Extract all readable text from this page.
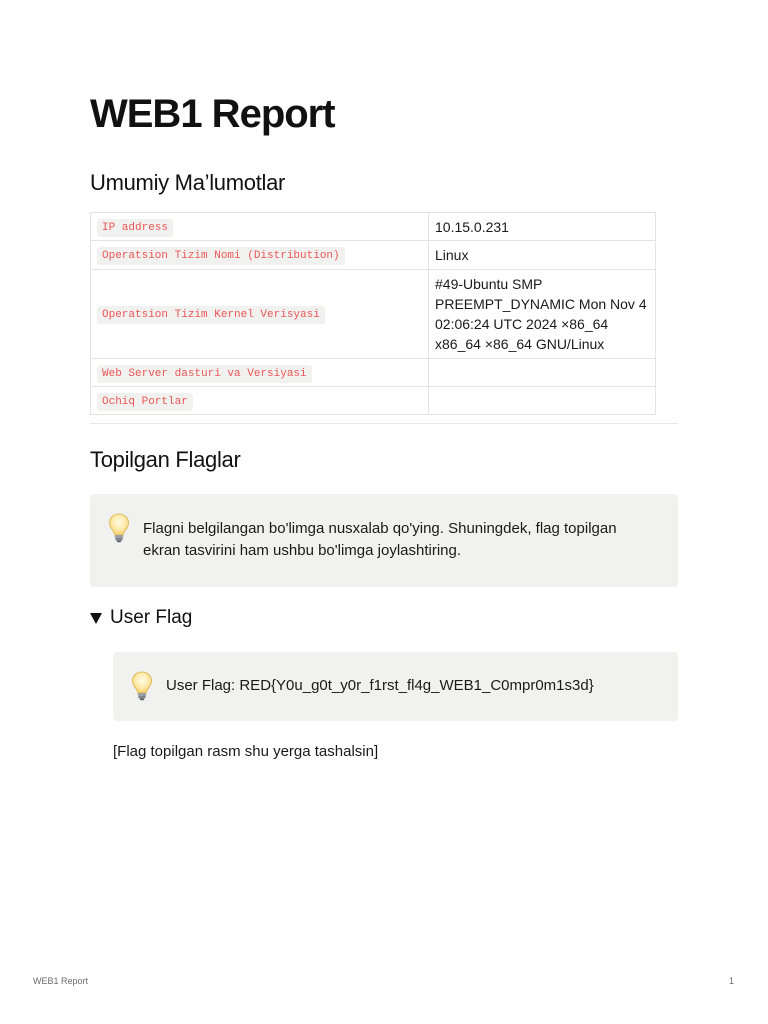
WEB1 Report
Umumiy Ma’lumotlar
IP address	10.15.0.231
Operatsion Tizim Nomi (Distribution)	Linux
Operatsion Tizim Kernel Verisyasi	#49-Ubuntu SMP PREEMPT_DYNAMIC Mon Nov 4 02:06:24 UTC 2024 ×86_64 x86_64 ×86_64 GNU/Linux
Web Server dasturi va Versiyasi	
Ochiq Portlar	
Topilgan Flaglar
Flagni belgilangan bo'limga nusxalab qo'ying. Shuningdek, flag topilgan ekran tasvirini ham ushbu bo'limga joylashtiring.
User Flag
User Flag: RED{Y0u_g0t_y0r_f1rst_fl4g_WEB1_C0mpr0m1s3d}

[Flag topilgan rasm shu yerga tashalsin]

WEB1 Report	1
